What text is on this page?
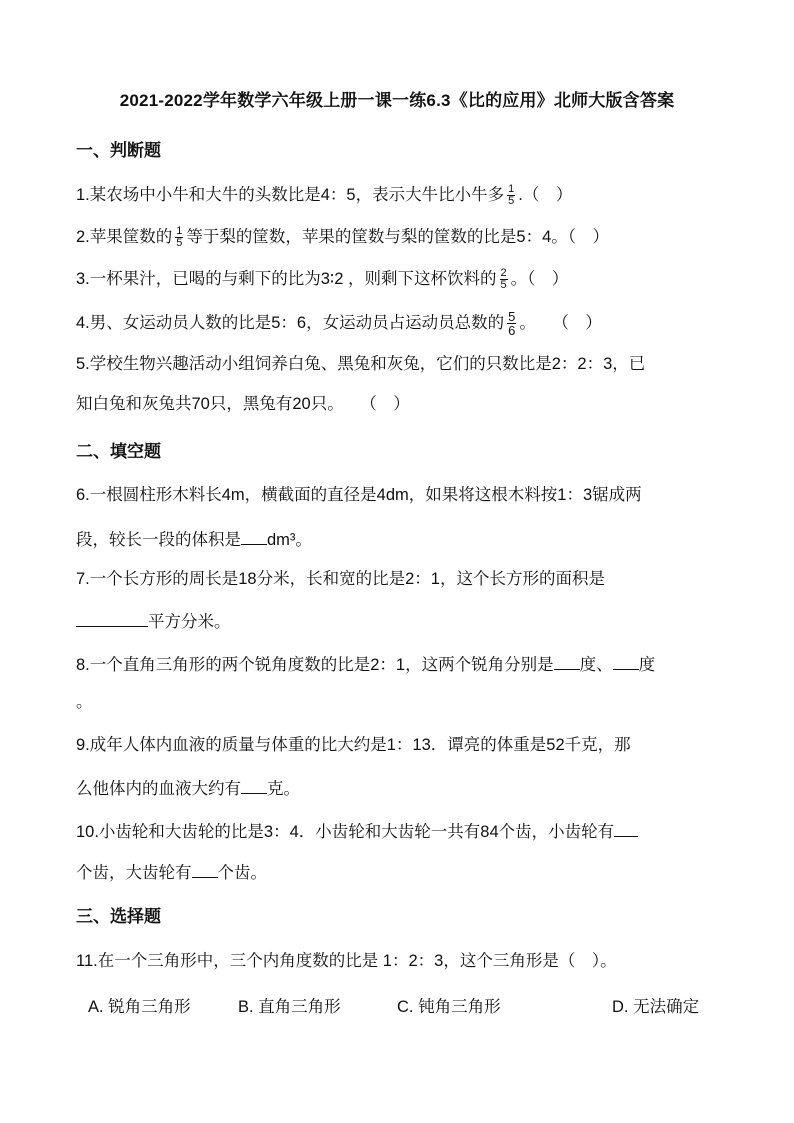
2021-2022学年数学六年级上册一课一练6.3《比的应用》北师大版含答案
一、判断题
1.某农场中小牛和大牛的头数比是4：5，表示大牛比小牛多 $\frac{1}{5}$ .（　）
2.苹果筐数的 $\frac{1}{5}$ 等于梨的筐数，苹果的筐数与梨的筐数的比是5：4。（　）
3.一杯果汁，已喝的与剩下的比为3∶2 ，则剩下这杯饮料的 $\frac{2}{5}$ 。（　）
4.男、女运动员人数的比是5：6，女运动员占运动员总数的 $\frac{5}{6}$ 。　　（　）
5.学校生物兴趣活动小组饲养白兔、黑兔和灰兔，它们的只数比是2：2：3，已
知白兔和灰兔共70只，黑兔有20只。　　（　）
二、填空题
6.一根圆柱形木料长4m，横截面的直径是4dm，如果将这根木料按1：3锯成两
段，较长一段的体积是 dm³。
7.一个长方形的周长是18分米，长和宽的比是2：1，这个长方形的面积是
平方分米。
8.一个直角三角形的两个锐角度数的比是2：1，这两个锐角分别是 度、 度
。
9.成年人体内血液的质量与体重的比大约是1：13．谭亮的体重是52千克，那
么他体内的血液大约有 克。
10.小齿轮和大齿轮的比是3：4．小齿轮和大齿轮一共有84个齿，小齿轮有
个齿，大齿轮有 个齿。
三、选择题
11.在一个三角形中，三个内角度数的比是 1：2：3，这个三角形是（　）。
A. 锐角三角形	B. 直角三角形	C. 钝角三角形	D. 无法确定
